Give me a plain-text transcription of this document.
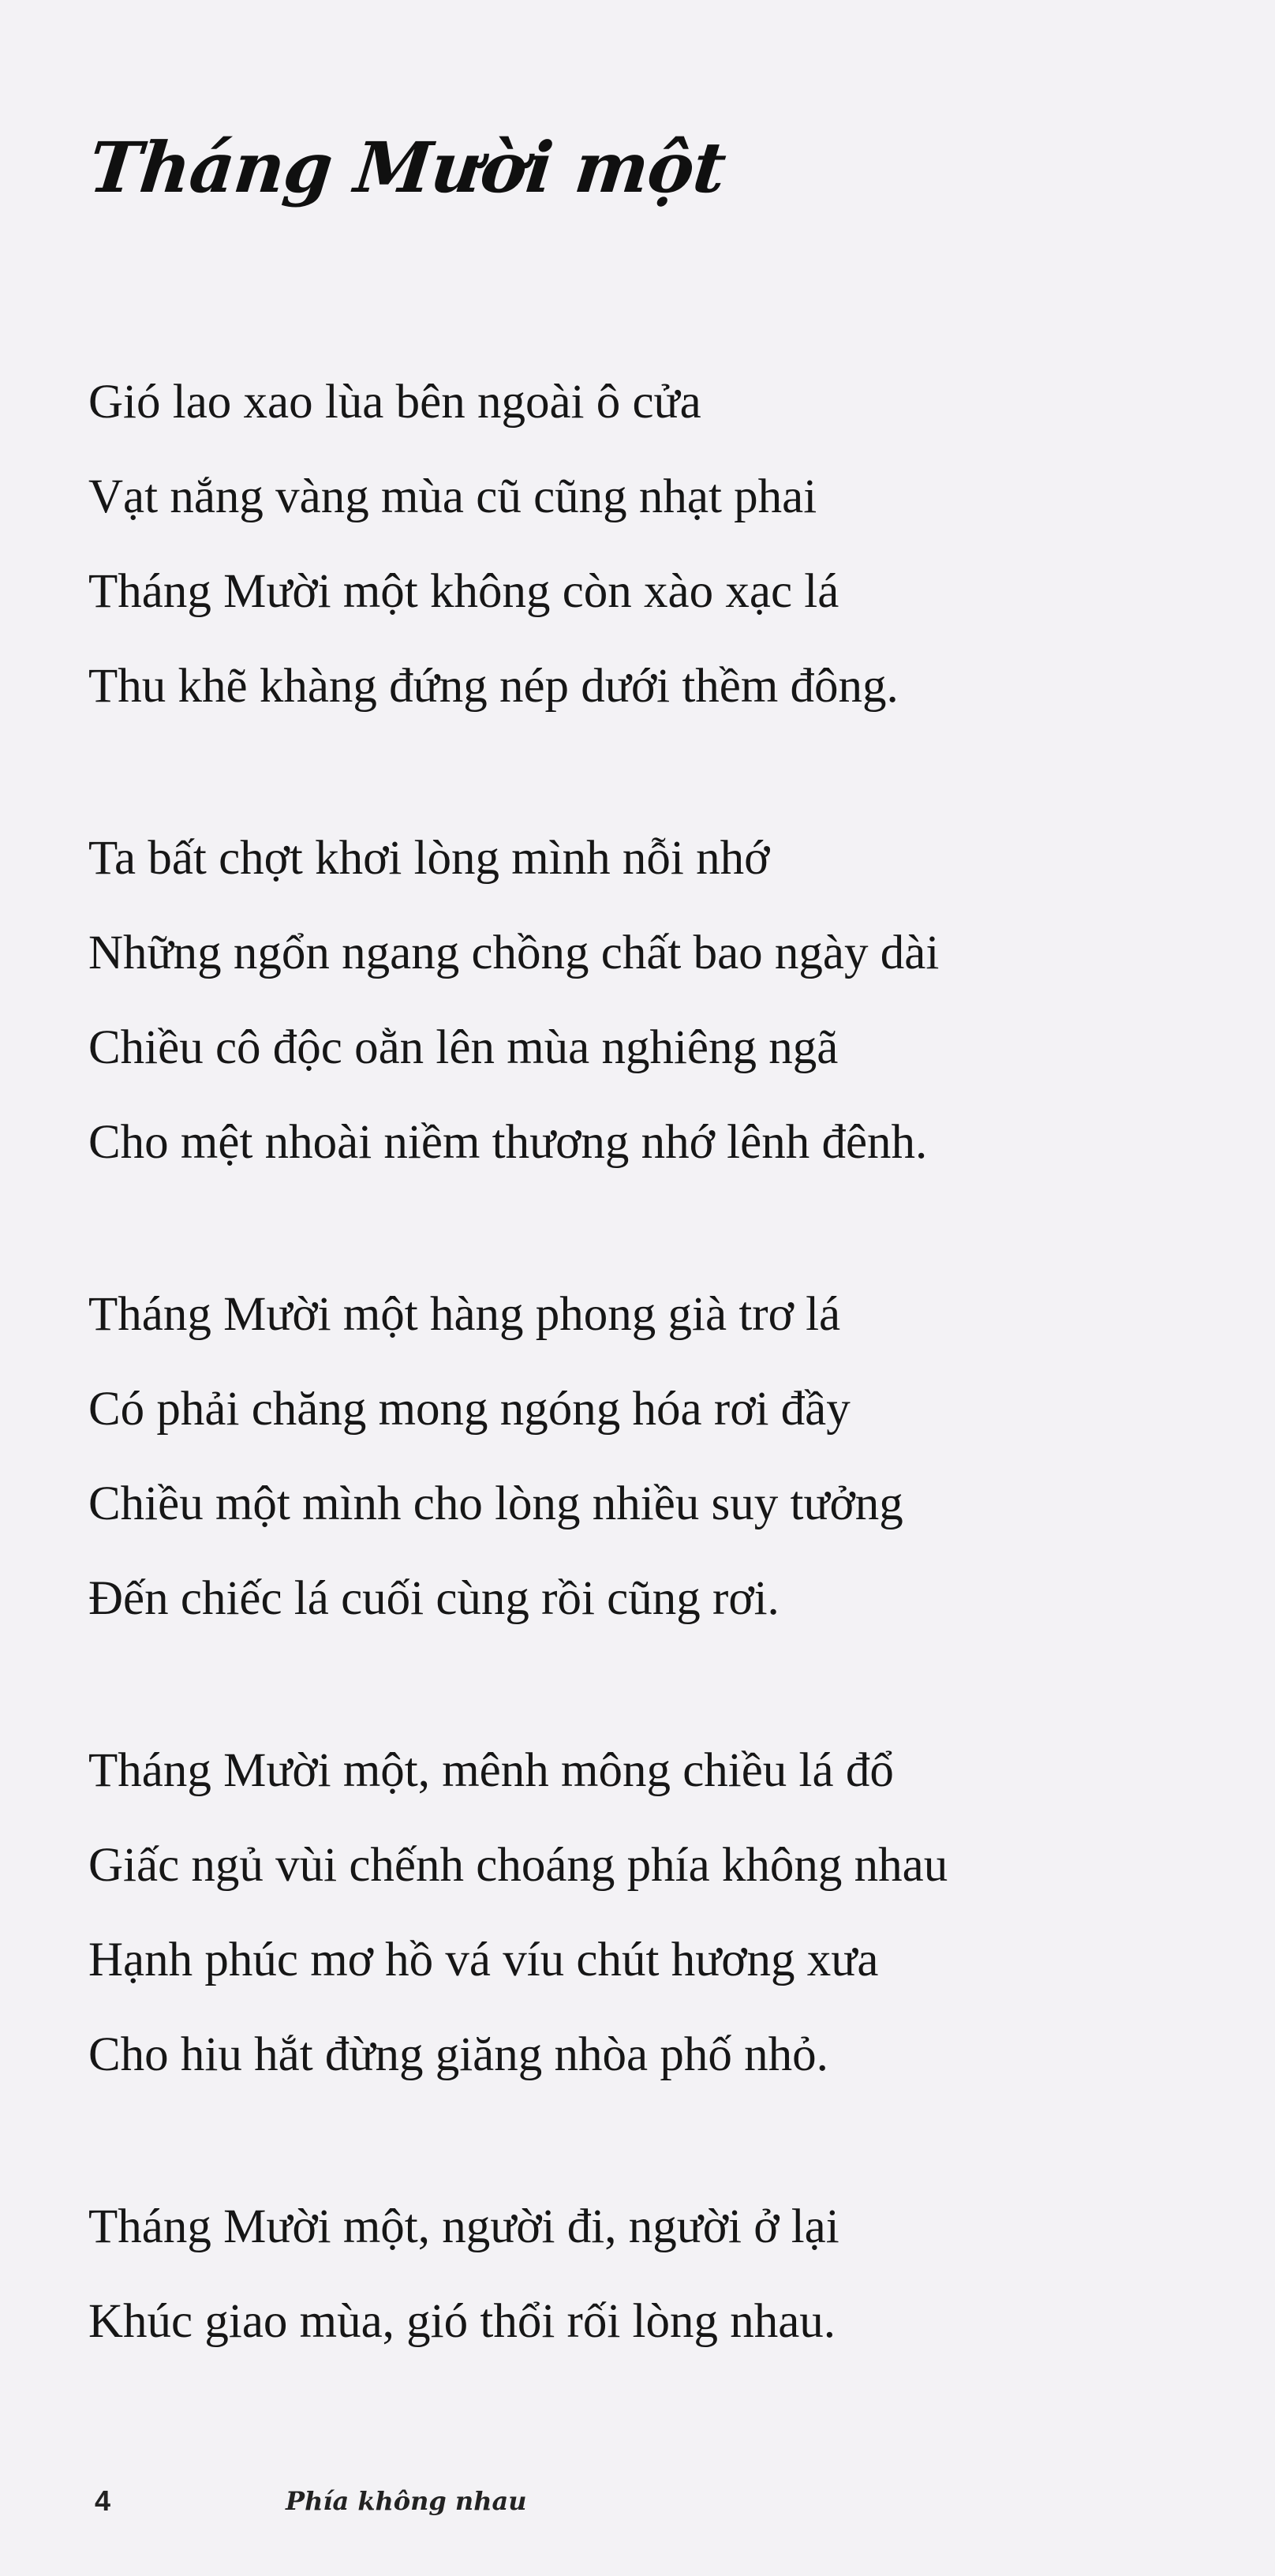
Tháng Mười một
Gió lao xao lùa bên ngoài ô cửa
Vạt nắng vàng mùa cũ cũng nhạt phai
Tháng Mười một không còn xào xạc lá
Thu khẽ khàng đứng nép dưới thềm đông.
Ta bất chợt khơi lòng mình nỗi nhớ
Những ngổn ngang chồng chất bao ngày dài
Chiều cô độc oằn lên mùa nghiêng ngã
Cho mệt nhoài niềm thương nhớ lênh đênh.
Tháng Mười một hàng phong già trơ lá
Có phải chăng mong ngóng hóa rơi đầy
Chiều một mình cho lòng nhiều suy tưởng
Đến chiếc lá cuối cùng rồi cũng rơi.
Tháng Mười một, mênh mông chiều lá đổ
Giấc ngủ vùi chếnh choáng phía không nhau
Hạnh phúc mơ hồ vá víu chút hương xưa
Cho hiu hắt đừng giăng nhòa phố nhỏ.
Tháng Mười một, người đi, người ở lại
Khúc giao mùa, gió thổi rối lòng nhau.
4	Phía không nhau
